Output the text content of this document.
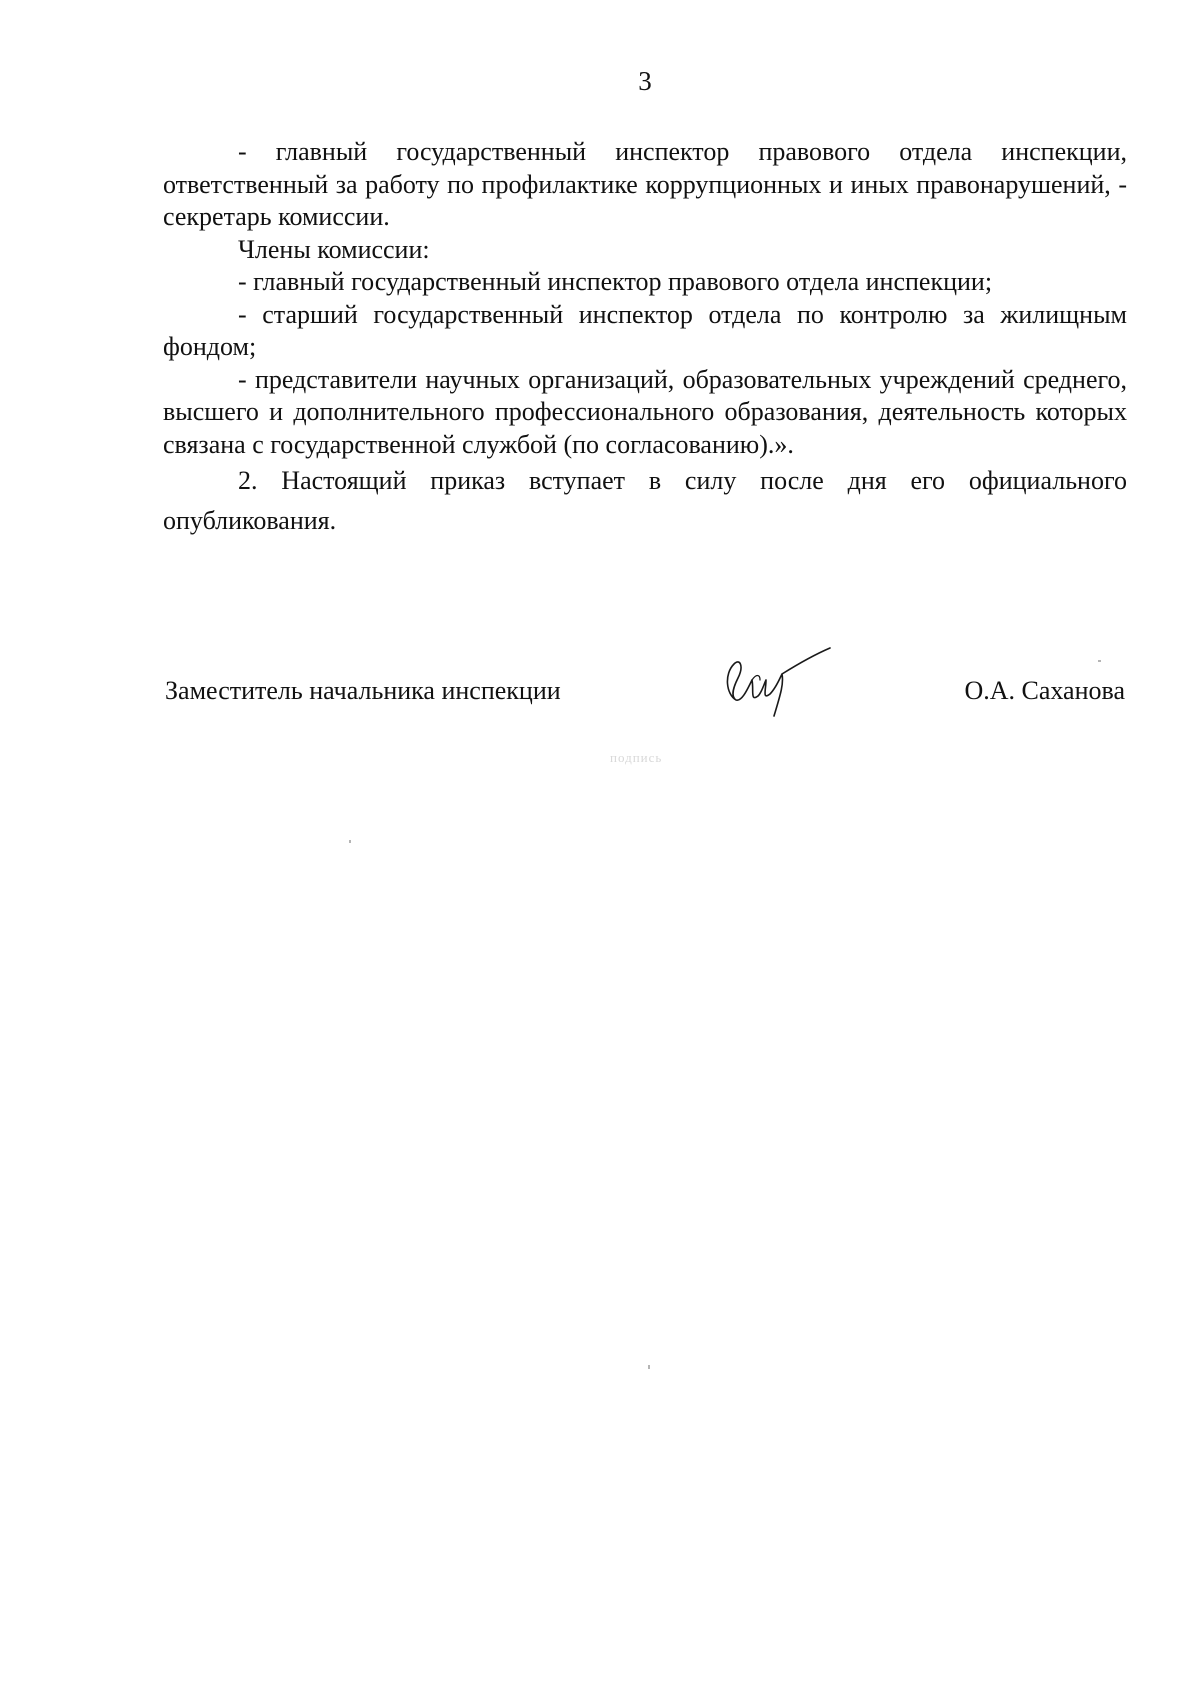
3

- главный государственный инспектор правового отдела инспекции, ответственный за работу по профилактике коррупционных и иных правонарушений, - секретарь комиссии.

Члены комиссии:

- главный государственный инспектор правового отдела инспекции;

- старший государственный инспектор отдела по контролю за жилищным фондом;

- представители научных организаций, образовательных учреждений среднего, высшего и дополнительного профессионального образования, деятельность которых связана с государственной службой (по согласованию).».

2. Настоящий приказ вступает в силу после дня его официального опубликования.

Заместитель начальника инспекции	О.А. Саханова
подпись
